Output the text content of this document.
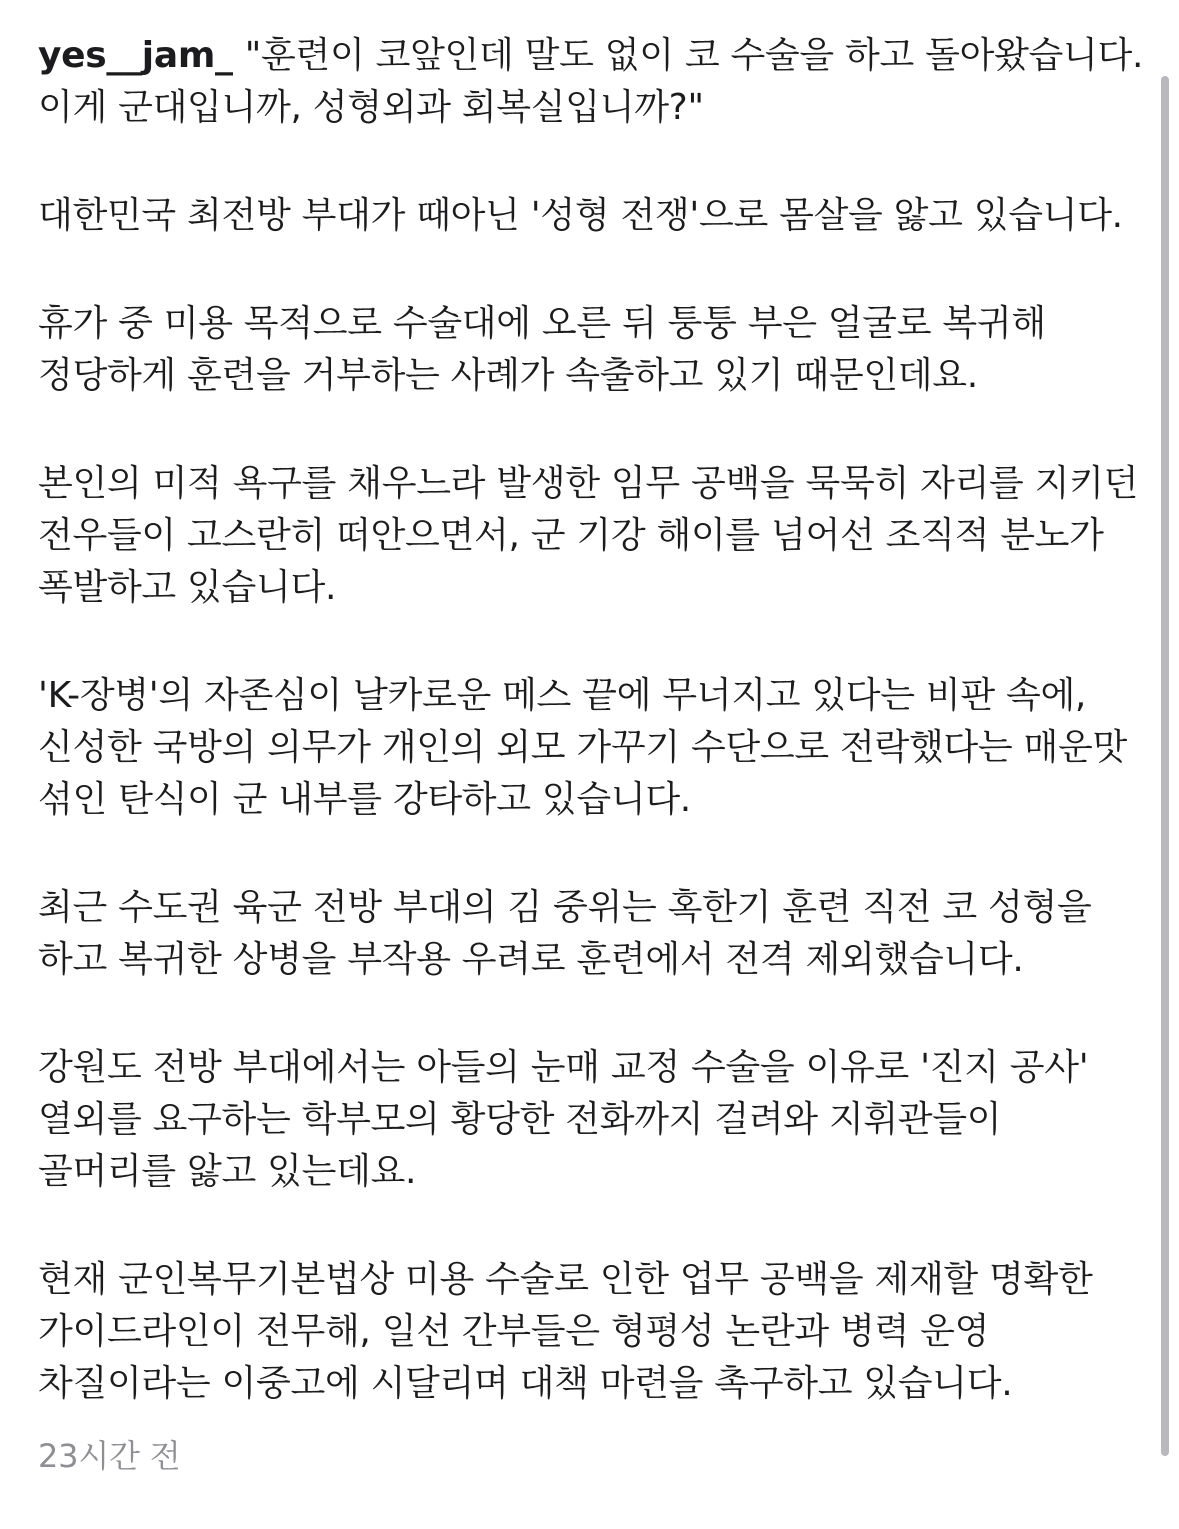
yes__jam_ "훈련이 코앞인데 말도 없이 코 수술을 하고 돌아왔습니다. 이게 군대입니까, 성형외과 회복실입니까?"

대한민국 최전방 부대가 때아닌 '성형 전쟁'으로 몸살을 앓고 있습니다.

휴가 중 미용 목적으로 수술대에 오른 뒤 퉁퉁 부은 얼굴로 복귀해 정당하게 훈련을 거부하는 사례가 속출하고 있기 때문인데요.

본인의 미적 욕구를 채우느라 발생한 임무 공백을 묵묵히 자리를 지키던 전우들이 고스란히 떠안으면서, 군 기강 해이를 넘어선 조직적 분노가 폭발하고 있습니다.

'K-장병'의 자존심이 날카로운 메스 끝에 무너지고 있다는 비판 속에, 신성한 국방의 의무가 개인의 외모 가꾸기 수단으로 전락했다는 매운맛 섞인 탄식이 군 내부를 강타하고 있습니다.

최근 수도권 육군 전방 부대의 김 중위는 혹한기 훈련 직전 코 성형을 하고 복귀한 상병을 부작용 우려로 훈련에서 전격 제외했습니다.

강원도 전방 부대에서는 아들의 눈매 교정 수술을 이유로 '진지 공사' 열외를 요구하는 학부모의 황당한 전화까지 걸려와 지휘관들이 골머리를 앓고 있는데요.

현재 군인복무기본법상 미용 수술로 인한 업무 공백을 제재할 명확한 가이드라인이 전무해, 일선 간부들은 형평성 논란과 병력 운영 차질이라는 이중고에 시달리며 대책 마련을 촉구하고 있습니다.

23시간 전
